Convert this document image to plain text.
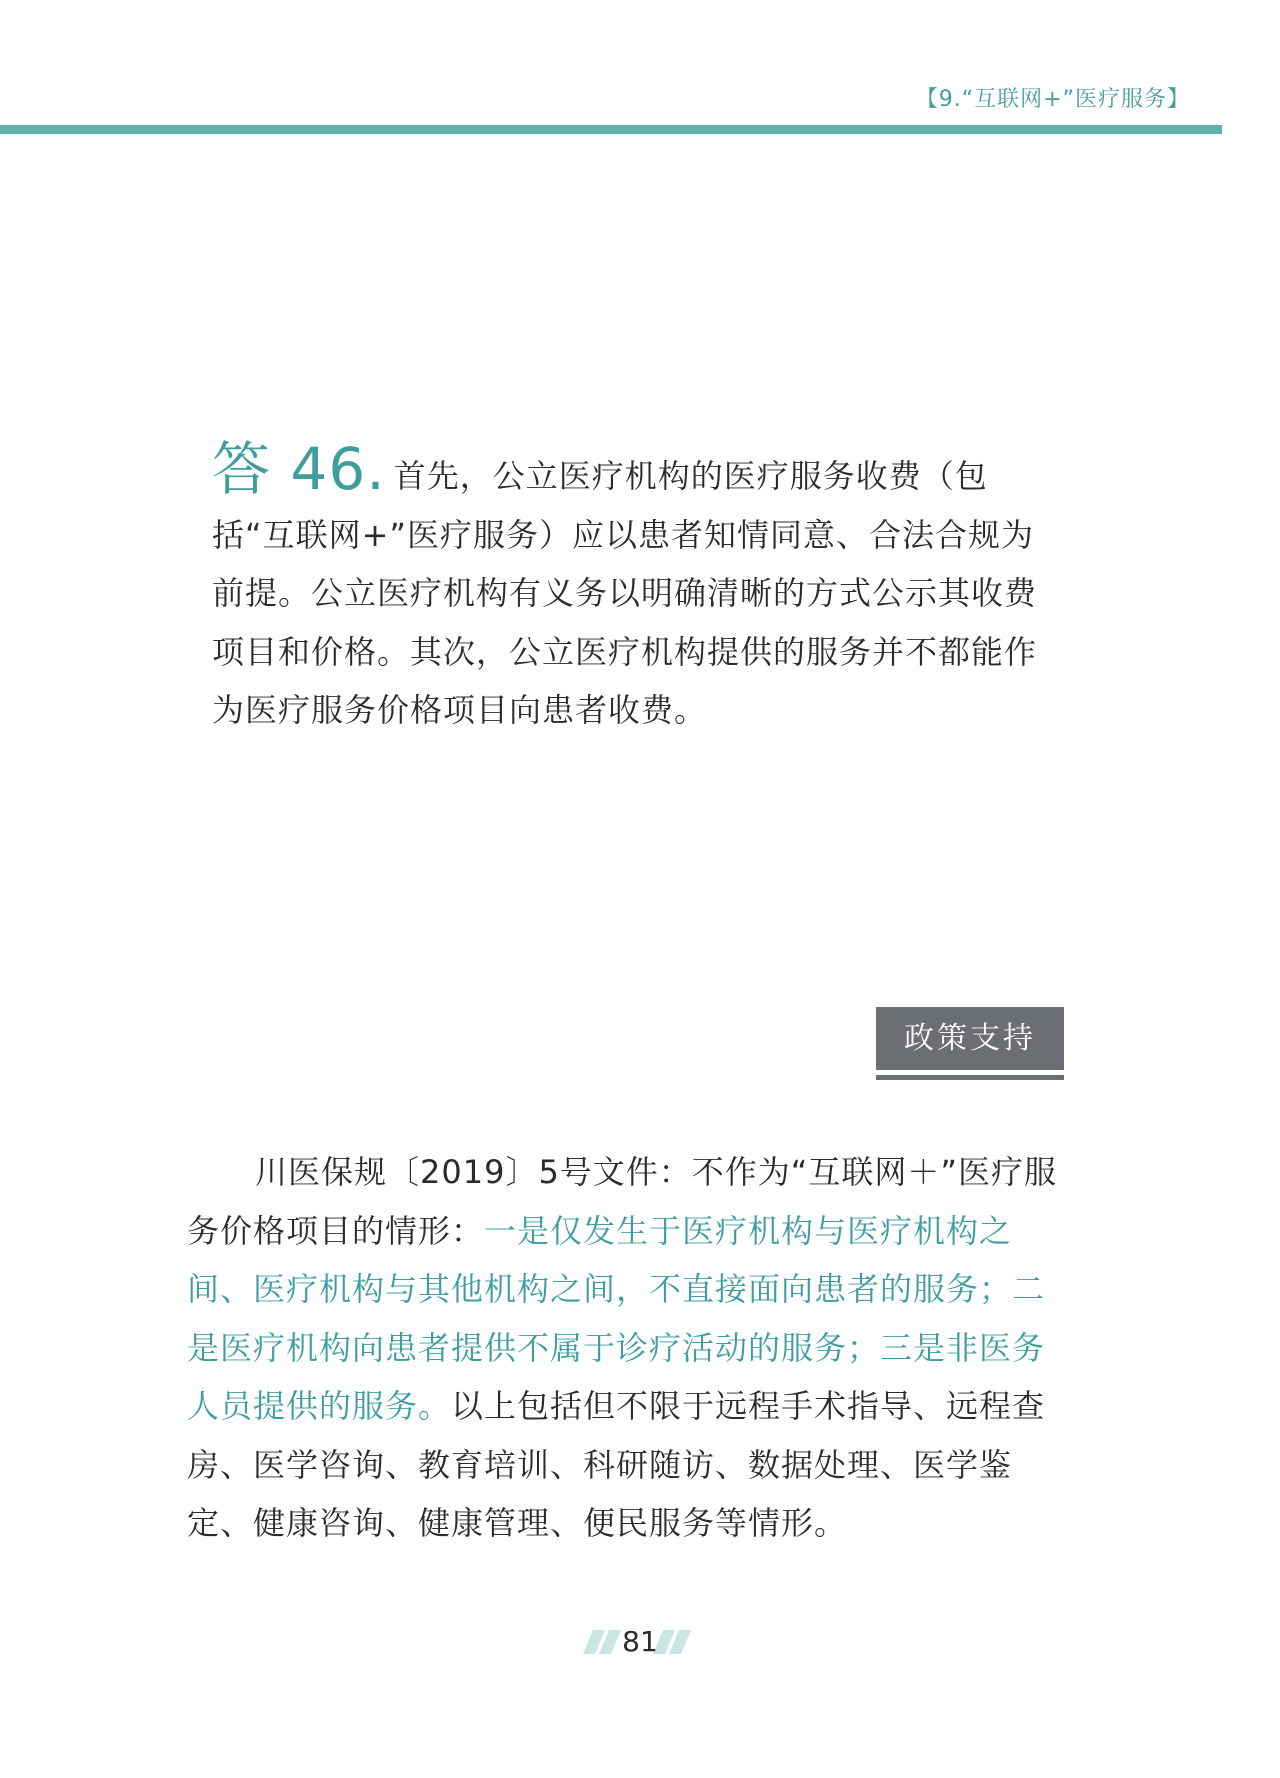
【9.“互联网+”医疗服务】
答 46. 首先，公立医疗机构的医疗服务收费（包括“互联网+”医疗服务）应以患者知情同意、合法合规为前提。公立医疗机构有义务以明确清晰的方式公示其收费项目和价格。其次，公立医疗机构提供的服务并不都能作为医疗服务价格项目向患者收费。
政策支持

川医保规〔2019〕5号文件：不作为“互联网＋”医疗服务价格项目的情形：一是仅发生于医疗机构与医疗机构之间、医疗机构与其他机构之间，不直接面向患者的服务；二是医疗机构向患者提供不属于诊疗活动的服务；三是非医务人员提供的服务。以上包括但不限于远程手术指导、远程查房、医学咨询、教育培训、科研随访、数据处理、医学鉴定、健康咨询、健康管理、便民服务等情形。

81
